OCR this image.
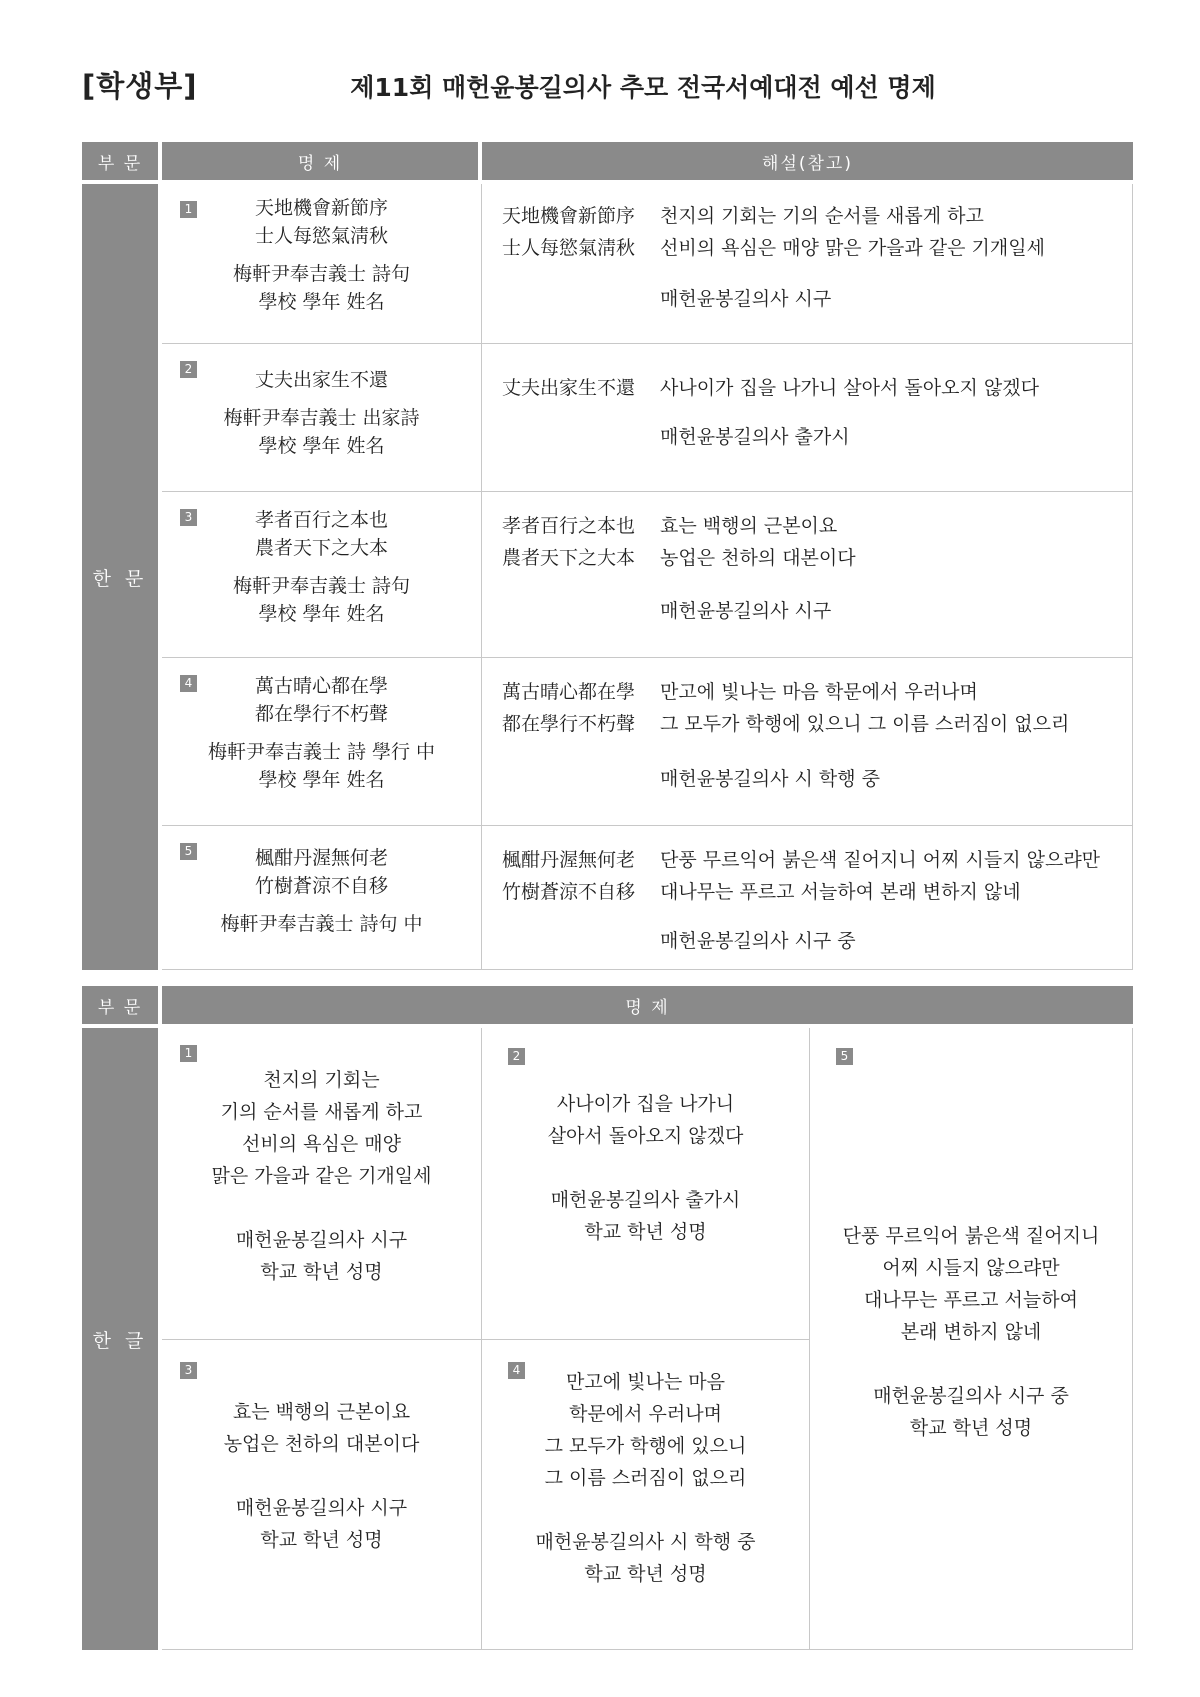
[학생부]	제11회 매헌윤봉길의사 추모 전국서예대전 예선 명제
부 문	명 제	해설(참고)
한 문
1	天地機會新節序
士人每慾氣淸秋
梅軒尹奉吉義士 詩句
學校 學年 姓名
天地機會新節序 천지의 기회는 기의 순서를 새롭게 하고
士人每慾氣淸秋 선비의 욕심은 매양 맑은 가을과 같은 기개일세
매헌윤봉길의사 시구
2	丈夫出家生不還
梅軒尹奉吉義士 出家詩
學校 學年 姓名
丈夫出家生不還 사나이가 집을 나가니 살아서 돌아오지 않겠다
매헌윤봉길의사 출가시
3	孝者百行之本也
農者天下之大本
梅軒尹奉吉義士 詩句
學校 學年 姓名
孝者百行之本也 효는 백행의 근본이요
農者天下之大本 농업은 천하의 대본이다
매헌윤봉길의사 시구
4	萬古晴心都在學
都在學行不朽聲
梅軒尹奉吉義士 詩 學行 中
學校 學年 姓名
萬古晴心都在學 만고에 빛나는 마음 학문에서 우러나며
都在學行不朽聲 그 모두가 학행에 있으니 그 이름 스러짐이 없으리
매헌윤봉길의사 시 학행 중
5	楓酣丹渥無何老
竹樹蒼涼不自移
梅軒尹奉吉義士 詩句 中
楓酣丹渥無何老 단풍 무르익어 붉은색 짙어지니 어찌 시들지 않으랴만
竹樹蒼涼不自移 대나무는 푸르고 서늘하여 본래 변하지 않네
매헌윤봉길의사 시구 중
부 문	명 제
한 글
1
천지의 기회는
기의 순서를 새롭게 하고
선비의 욕심은 매양
맑은 가을과 같은 기개일세
매헌윤봉길의사 시구
학교 학년 성명
2
사나이가 집을 나가니
살아서 돌아오지 않겠다
매헌윤봉길의사 출가시
학교 학년 성명
5
단풍 무르익어 붉은색 짙어지니
어찌 시들지 않으랴만
대나무는 푸르고 서늘하여
본래 변하지 않네
매헌윤봉길의사 시구 중
학교 학년 성명
3
효는 백행의 근본이요
농업은 천하의 대본이다
매헌윤봉길의사 시구
학교 학년 성명
4
만고에 빛나는 마음
학문에서 우러나며
그 모두가 학행에 있으니
그 이름 스러짐이 없으리
매헌윤봉길의사 시 학행 중
학교 학년 성명
